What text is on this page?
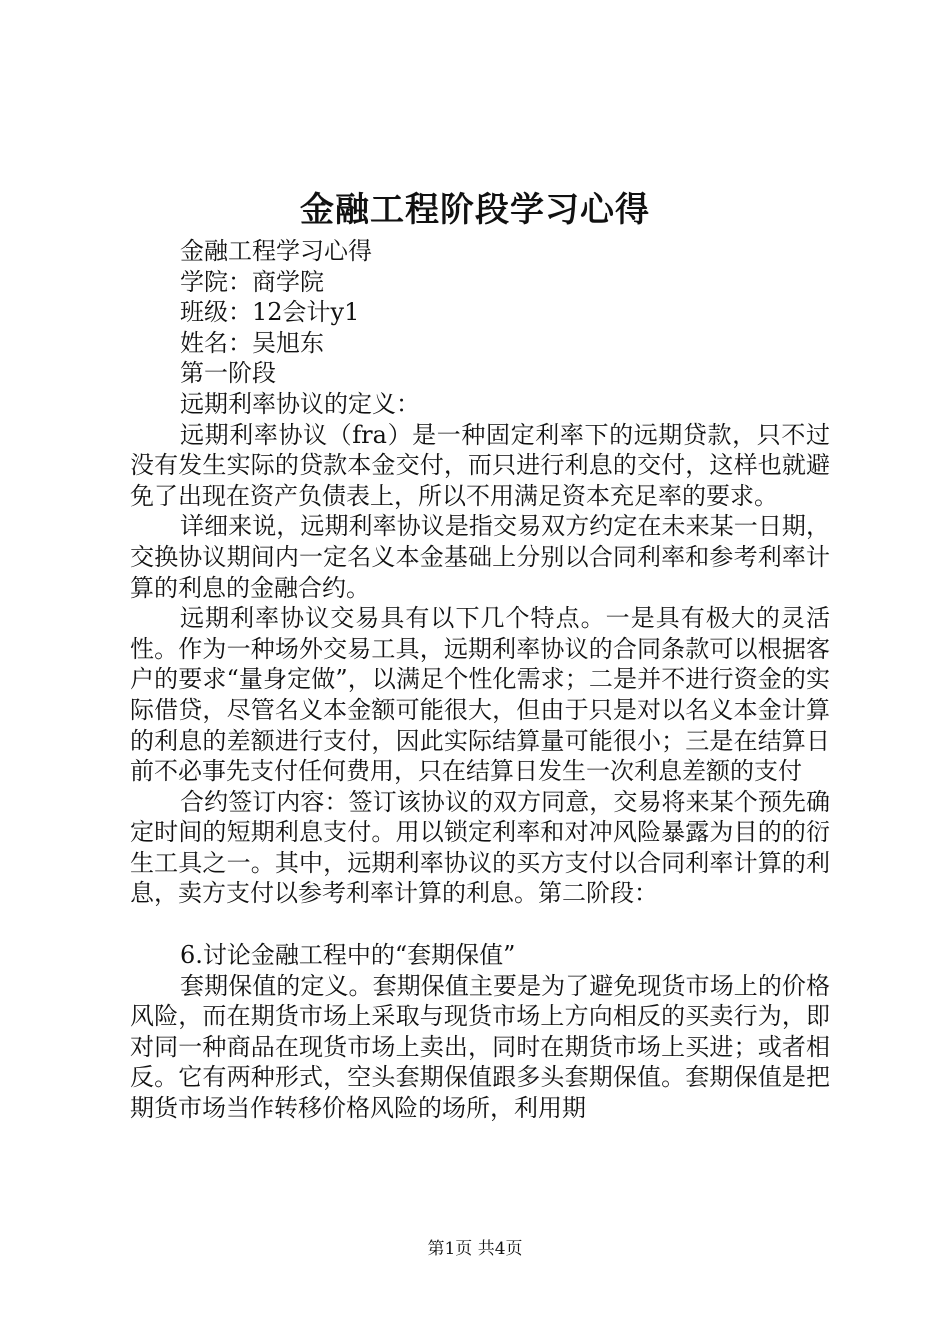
金融工程阶段学习心得
金融工程学习心得
学院：商学院
班级：12会计y1
姓名：吴旭东
第一阶段
远期利率协议的定义：
远期利率协议（fra）是一种固定利率下的远期贷款，只不过没有发生实际的贷款本金交付，而只进行利息的交付，这样也就避免了出现在资产负债表上，所以不用满足资本充足率的要求。
详细来说，远期利率协议是指交易双方约定在未来某一日期，交换协议期间内一定名义本金基础上分别以合同利率和参考利率计算的利息的金融合约。
远期利率协议交易具有以下几个特点。一是具有极大的灵活性。作为一种场外交易工具，远期利率协议的合同条款可以根据客户的要求“量身定做”，以满足个性化需求；二是并不进行资金的实际借贷，尽管名义本金额可能很大，但由于只是对以名义本金计算的利息的差额进行支付，因此实际结算量可能很小；三是在结算日前不必事先支付任何费用，只在结算日发生一次利息差额的支付
合约签订内容：签订该协议的双方同意，交易将来某个预先确定时间的短期利息支付。用以锁定利率和对冲风险暴露为目的的衍生工具之一。其中，远期利率协议的买方支付以合同利率计算的利息，卖方支付以参考利率计算的利息。第二阶段：
6.讨论金融工程中的“套期保值”
套期保值的定义。套期保值主要是为了避免现货市场上的价格风险，而在期货市场上采取与现货市场上方向相反的买卖行为，即对同一种商品在现货市场上卖出，同时在期货市场上买进；或者相反。它有两种形式，空头套期保值跟多头套期保值。套期保值是把期货市场当作转移价格风险的场所，利用期
第1页 共4页
